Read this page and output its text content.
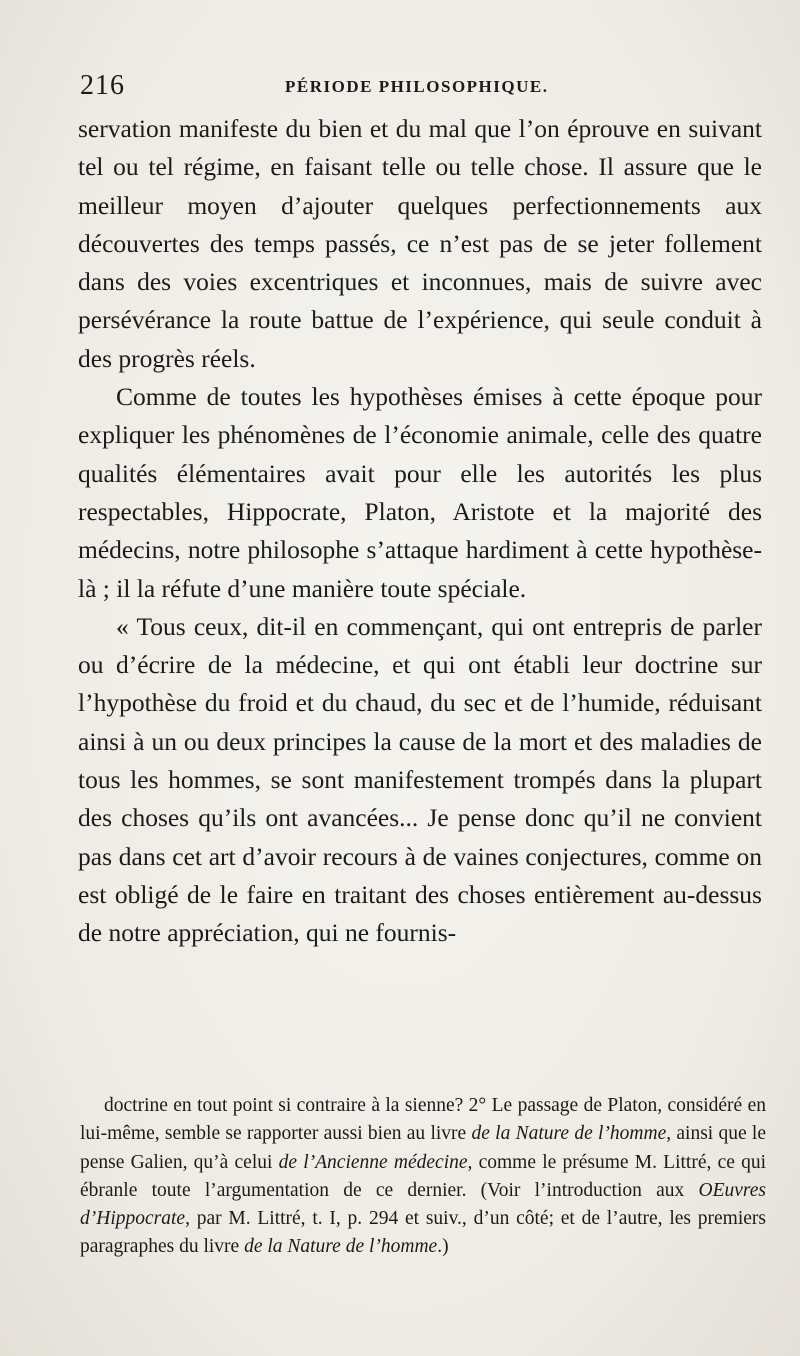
216	PÉRIODE PHILOSOPHIQUE.

servation manifeste du bien et du mal que l’on éprouve en suivant tel ou tel régime, en faisant telle ou telle chose. Il assure que le meilleur moyen d’ajouter quelques perfectionnements aux découvertes des temps passés, ce n’est pas de se jeter follement dans des voies excentriques et inconnues, mais de suivre avec persévérance la route battue de l’expérience, qui seule conduit à des progrès réels.

Comme de toutes les hypothèses émises à cette époque pour expliquer les phénomènes de l’économie animale, celle des quatre qualités élémentaires avait pour elle les autorités les plus respectables, Hippocrate, Platon, Aristote et la majorité des médecins, notre philosophe s’attaque hardiment à cette hypothèse-là ; il la réfute d’une manière toute spéciale.

« Tous ceux, dit-il en commençant, qui ont entrepris de parler ou d’écrire de la médecine, et qui ont établi leur doctrine sur l’hypothèse du froid et du chaud, du sec et de l’humide, réduisant ainsi à un ou deux principes la cause de la mort et des maladies de tous les hommes, se sont manifestement trompés dans la plupart des choses qu’ils ont avancées... Je pense donc qu’il ne convient pas dans cet art d’avoir recours à de vaines conjectures, comme on est obligé de le faire en traitant des choses entièrement au-dessus de notre appréciation, qui ne fournis-

doctrine en tout point si contraire à la sienne? 2° Le passage de Platon, considéré en lui-même, semble se rapporter aussi bien au livre de la Nature de l’homme, ainsi que le pense Galien, qu’à celui de l’Ancienne médecine, comme le présume M. Littré, ce qui ébranle toute l’argumentation de ce dernier. (Voir l’introduction aux OEuvres d’Hippocrate, par M. Littré, t. I, p. 294 et suiv., d’un côté; et de l’autre, les premiers paragraphes du livre de la Nature de l’homme.)
